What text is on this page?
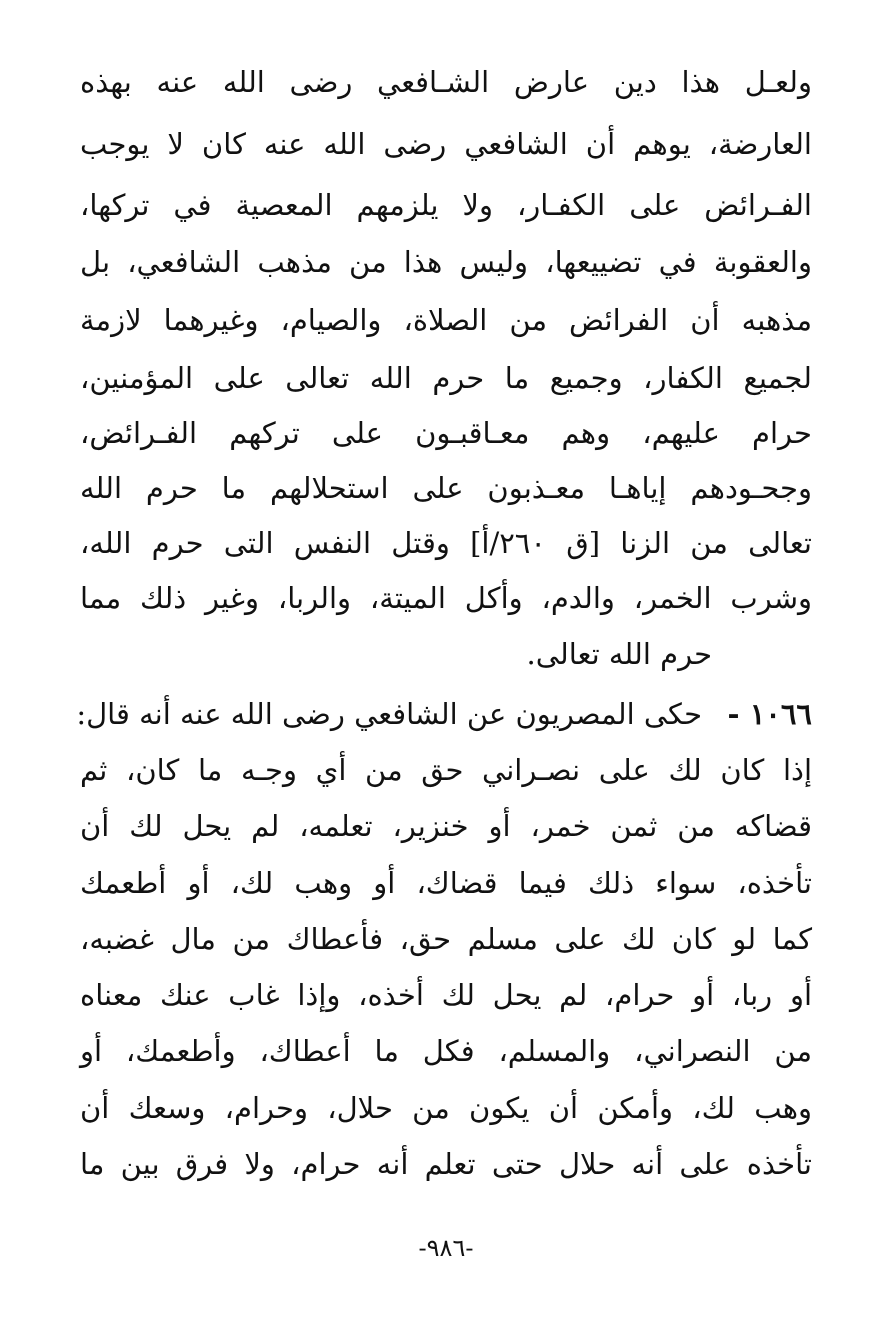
ولعـل هذا دين عارض الشـافعي رضى الله عنه بهذه
العارضة، يوهم أن الشافعي رضى الله عنه كان لا يوجب
الفـرائض على الكفـار، ولا يلزمهم المعصية في تركها،
والعقوبة في تضييعها، وليس هذا من مذهب الشافعي، بل
مذهبه أن الفرائض من الصلاة، والصيام، وغيرهما لازمة
لجميع الكفار، وجميع ما حرم الله تعالى على المؤمنين،
حرام عليهم، وهم معـاقبـون على تركهم الفـرائض،
وجحـودهم إياهـا معـذبون على استحلالهم ما حرم الله
تعالى من الزنا [ق ٢٦٠/أ] وقتل النفس التى حرم الله،
وشرب الخمر، والدم، وأكل الميتة، والربا، وغير ذلك مما
حرم الله تعالى.
١٠٦٦ -
حكى المصريون عن الشافعي رضى الله عنه أنه قال:
إذا كان لك على نصـراني حق من أي وجـه ما كان، ثم
قضاكه من ثمن خمر، أو خنزير، تعلمه، لم يحل لك أن
تأخذه، سواء ذلك فيما قضاك، أو وهب لك، أو أطعمك
كما لو كان لك على مسلم حق، فأعطاك من مال غضبه،
أو ربا، أو حرام، لم يحل لك أخذه، وإذا غاب عنك معناه
من النصراني، والمسلم، فكل ما أعطاك، وأطعمك، أو
وهب لك، وأمكن أن يكون من حلال، وحرام، وسعك أن
تأخذه على أنه حلال حتى تعلم أنه حرام، ولا فرق بين ما
-٩٨٦-
